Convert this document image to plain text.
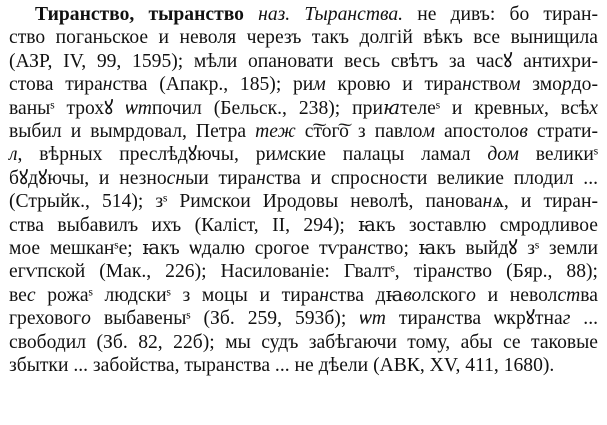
Тиранство, тыранство наз. Тыранства. не дивъ: бо тиран-
ство поганьское и неволя черезъ такъ долгій вѣкъ все вынищила
(АЗР, IV, 99, 1595); мѣли опановати весь свѣтъ за часꙋ антихри-
стова тиранства (Апакр., 185); рим кровю и тиранством змордо-
ваныˢ трохꙋ ѡтпочил (Бельск., 238); приꙗтелеˢ и кревных, всѣх
выбил и вымрдовал, Петра теж с͠тог͠о з павлом апостолов страти-
л, вѣрных преслѣдꙋючы, римские палацы ламал дом великиˢ
бꙋдꙋючы, и незносныи тиранства и спросности великие плодил ...
(Стрыйк., 514); зˢ Римскои Иродовы неволѣ, панованѧ, и тиран-
ства выбавилъ ихъ (Каліст, II, 294); ꙗкъ зоставлю смродливое
мое мешканˢе; ꙗкъ ѡдалю срогое тѵранство; ꙗкъ выйдꙋ зˢ земли
егѵпской (Мак., 226); Насилованіе: Гвалтˢ, тіранство (Бяр., 88);
вес рожаˢ людскиˢ з моцы и тиранства дꙗволского и неволства
грехового выбавеныˢ (Зб. 259, 593б); ѡт тиранства ѡкрꙋтнаг ...
свободил (Зб. 82, 22б); мы судъ забѣгаючи тому, абы се таковые
збытки ... забойства, тыранства ... не дѣели (АВК, XV, 411, 1680).
